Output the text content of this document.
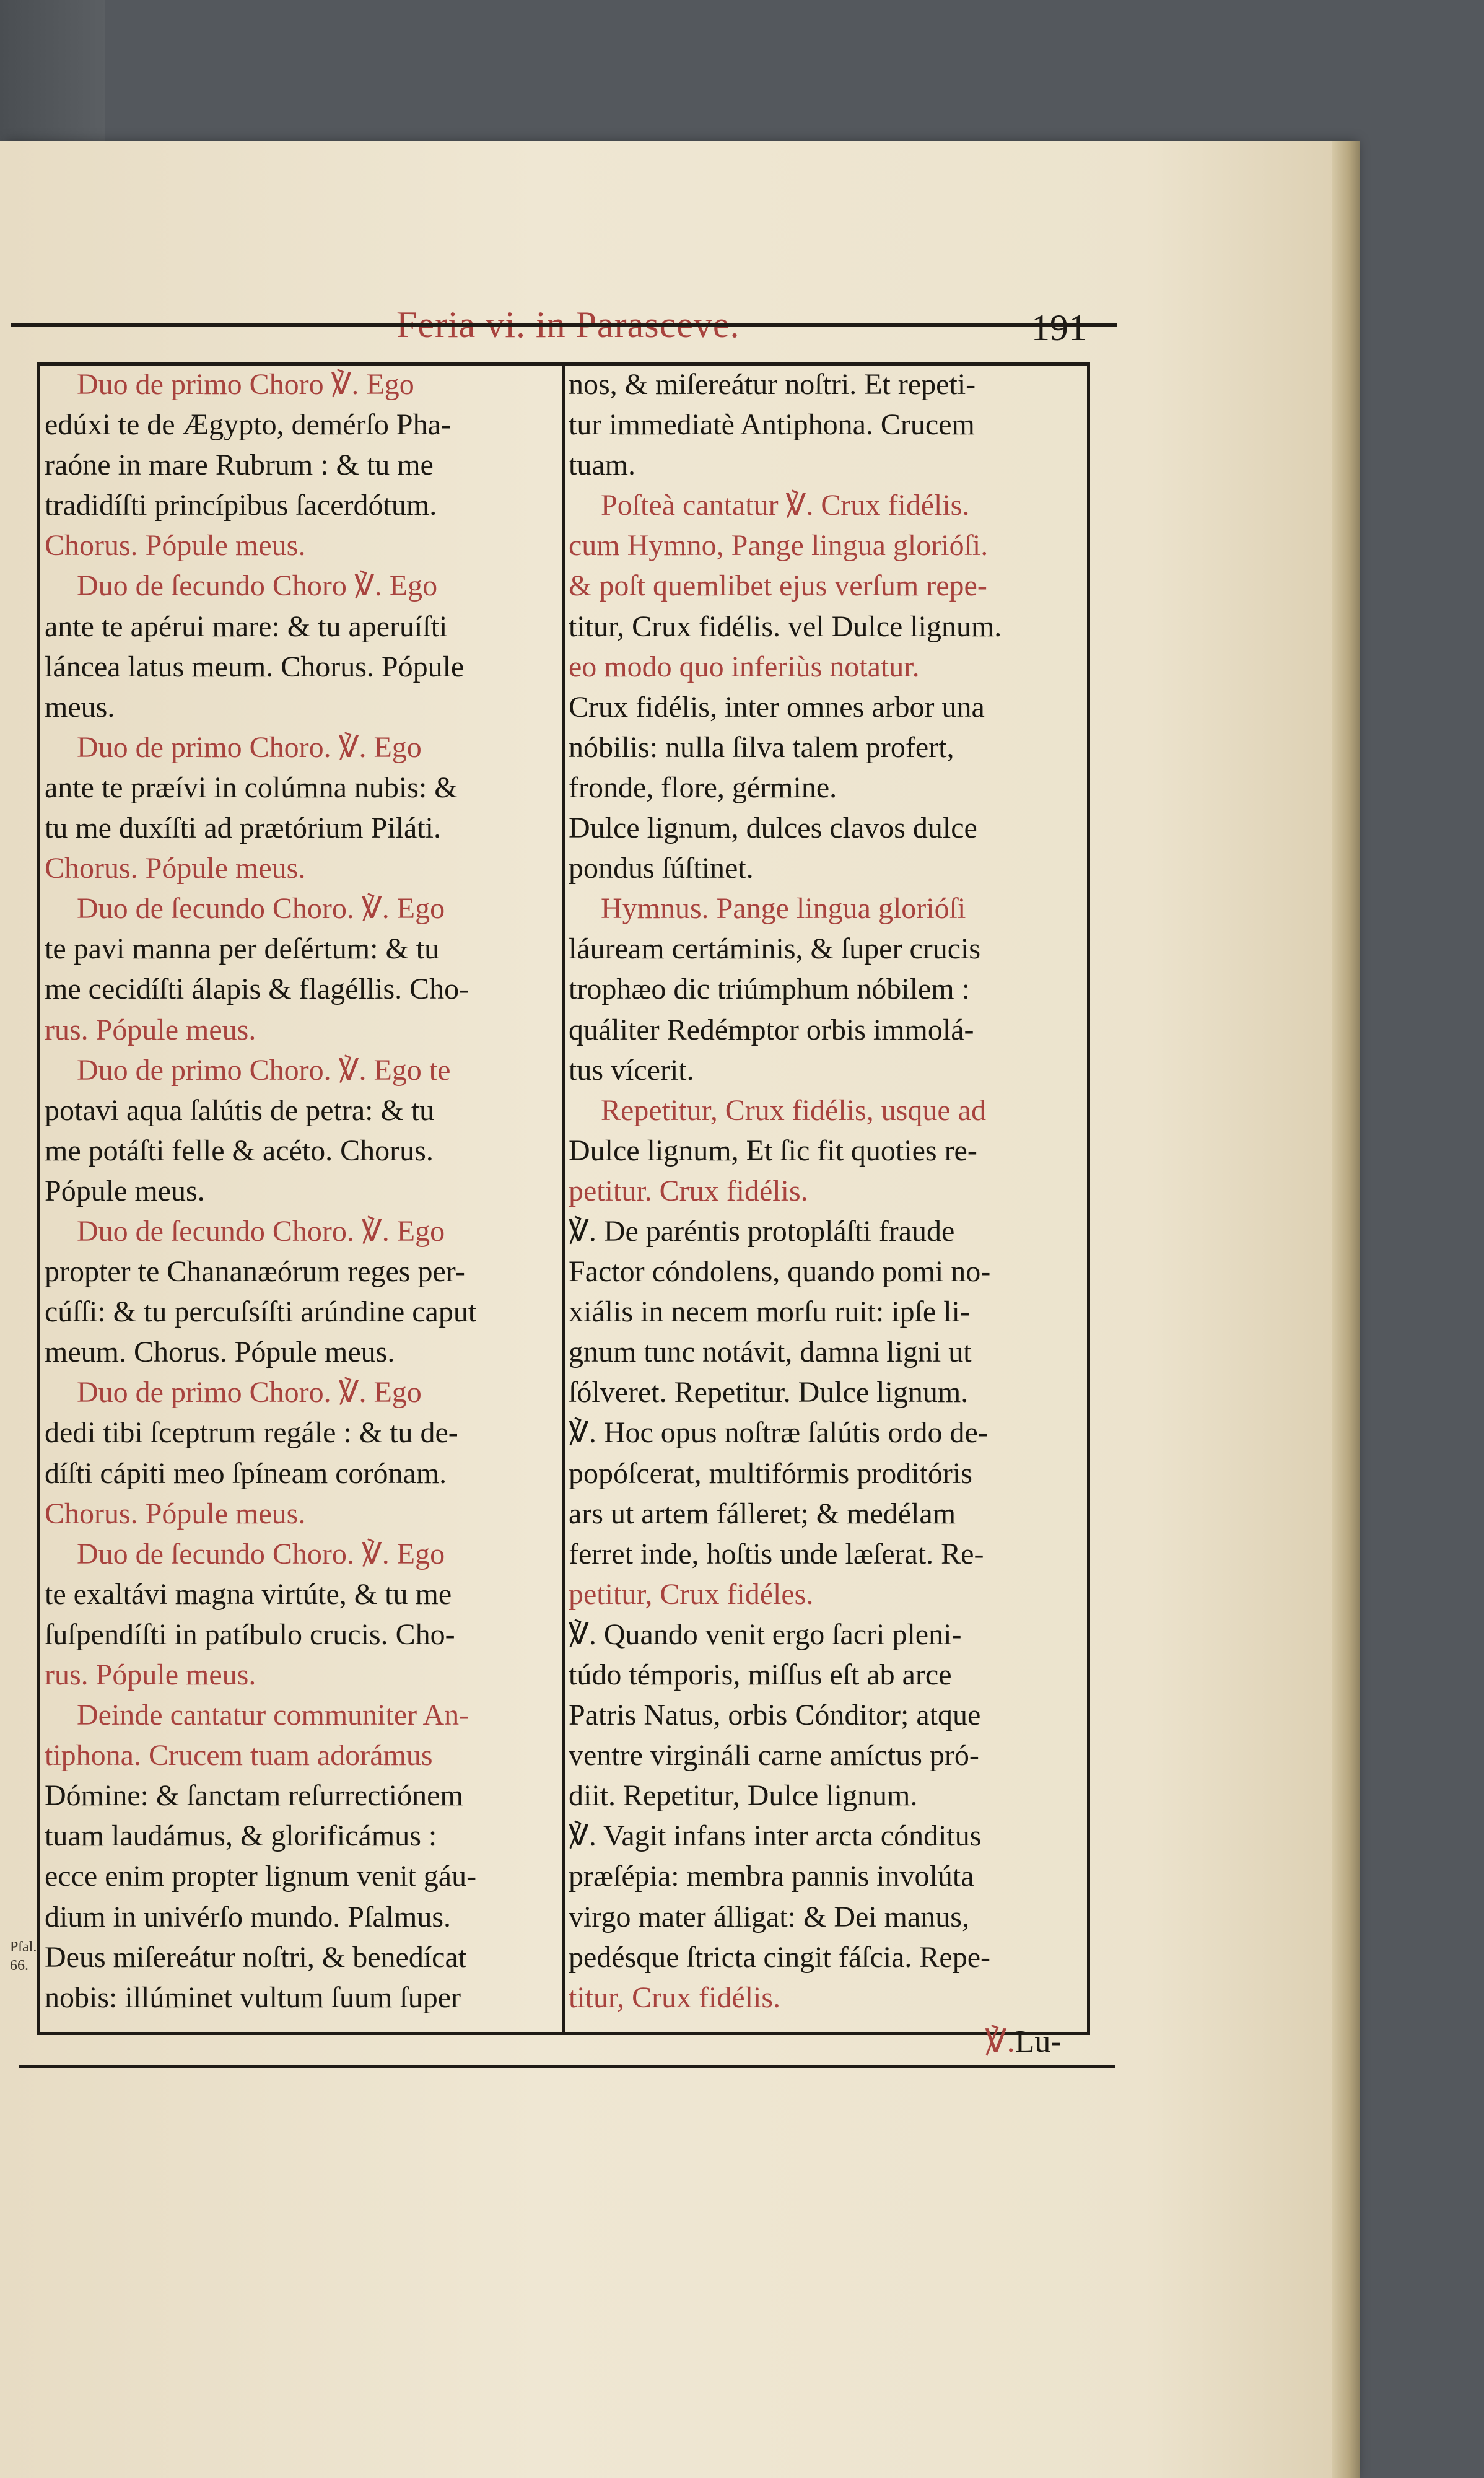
Feria vi. in Parasceve.	191
Duo de primo Choro ℣. Ego
edúxi te de Ægypto, demérſo Pha-
raóne in mare Rubrum : & tu me
tradidíſti princípibus ſacerdótum.
Chorus. Pópule meus.
Duo de ſecundo Choro ℣. Ego
ante te apérui mare: & tu aperuíſti
láncea latus meum. Chorus. Pópule
meus.
Duo de primo Choro. ℣. Ego
ante te præívi in colúmna nubis: &
tu me duxíſti ad prætórium Piláti.
Chorus. Pópule meus.
Duo de ſecundo Choro. ℣. Ego
te pavi manna per deſértum: & tu
me cecidíſti álapis & flagéllis. Cho-
rus. Pópule meus.
Duo de primo Choro. ℣. Ego te
potavi aqua ſalútis de petra: & tu
me potáſti felle & acéto. Chorus.
Pópule meus.
Duo de ſecundo Choro. ℣. Ego
propter te Chananæórum reges per-
cúſſi: & tu percuſsíſti arúndine caput
meum. Chorus. Pópule meus.
Duo de primo Choro. ℣. Ego
dedi tibi ſceptrum regále : & tu de-
díſti cápiti meo ſpíneam corónam.
Chorus. Pópule meus.
Duo de ſecundo Choro. ℣. Ego
te exaltávi magna virtúte, & tu me
ſuſpendíſti in patíbulo crucis. Cho-
rus. Pópule meus.
Deinde cantatur communiter An-
tiphona. Crucem tuam adorámus
Dómine: & ſanctam reſurrectiónem
tuam laudámus, & glorificámus :
ecce enim propter lignum venit gáu-
dium in univérſo mundo. Pſalmus.
Deus miſereátur noſtri, & benedícat
nobis: illúminet vultum ſuum ſuper
nos, & miſereátur noſtri. Et repeti-
tur immediatè Antiphona. Crucem
tuam.
Poſteà cantatur ℣. Crux fidélis.
cum Hymno, Pange lingua glorióſi.
& poſt quemlibet ejus verſum repe-
titur, Crux fidélis. vel Dulce lignum.
eo modo quo inferiùs notatur.
Crux fidélis, inter omnes arbor una
nóbilis: nulla ſilva talem profert,
fronde, flore, gérmine.
Dulce lignum, dulces clavos dulce
pondus ſúſtinet.
Hymnus. Pange lingua glorióſi
láuream certáminis, & ſuper crucis
trophæo dic triúmphum nóbilem :
quáliter Redémptor orbis immolá-
tus vícerit.
Repetitur, Crux fidélis, usque ad
Dulce lignum, Et ſic fit quoties re-
petitur. Crux fidélis.
℣. De paréntis protopláſti fraude
Factor cóndolens, quando pomi no-
xiális in necem morſu ruit: ipſe li-
gnum tunc notávit, damna ligni ut
ſólveret. Repetitur. Dulce lignum.
℣. Hoc opus noſtræ ſalútis ordo de-
popóſcerat, multifórmis proditóris
ars ut artem fálleret; & medélam
ferret inde, hoſtis unde læſerat. Re-
petitur, Crux fidéles.
℣. Quando venit ergo ſacri pleni-
túdo témporis, miſſus eſt ab arce
Patris Natus, orbis Cónditor; atque
ventre virgináli carne amíctus pró-
diit. Repetitur, Dulce lignum.
℣. Vagit infans inter arcta cónditus
præſépia: membra pannis involúta
virgo mater álligat: & Dei manus,
pedésque ſtricta cingit fáſcia. Repe-
titur, Crux fidélis.
Pſal.
66.
℣.Lu-
